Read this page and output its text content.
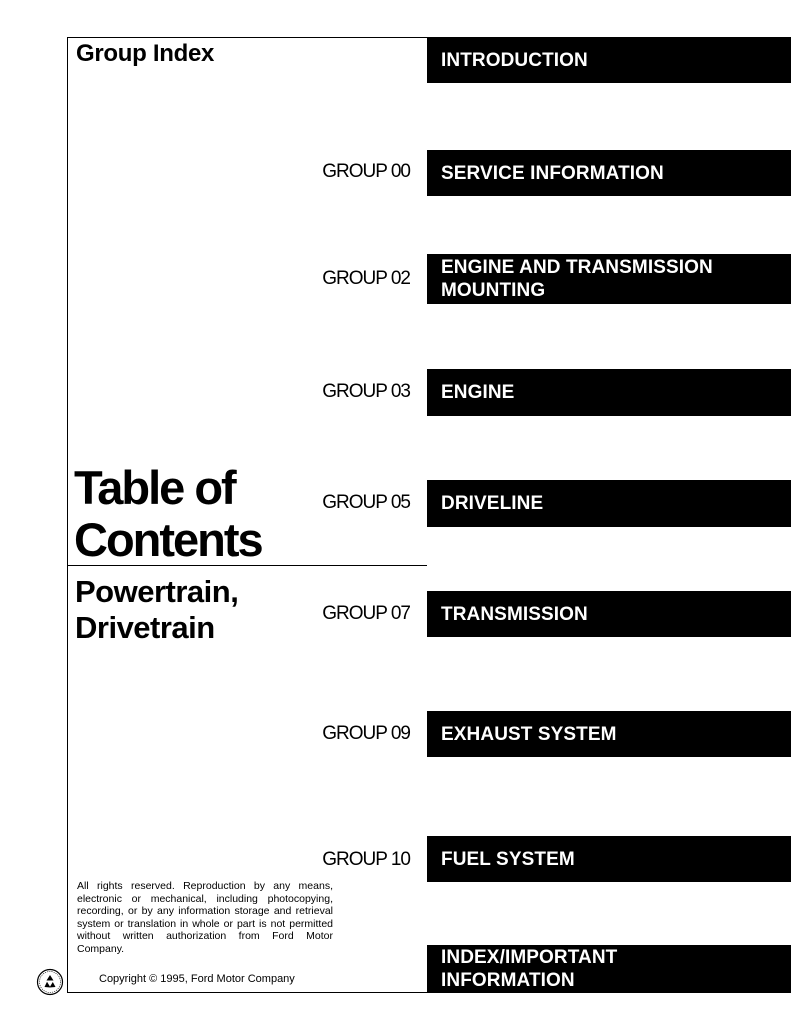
Group Index
Table of Contents
Powertrain, Drivetrain
INTRODUCTION
GROUP 00 SERVICE INFORMATION
GROUP 02
ENGINE AND TRANSMISSION
MOUNTING
GROUP 03 ENGINE
GROUP 05 DRIVELINE
GROUP 07 TRANSMISSION
GROUP 09 EXHAUST SYSTEM
GROUP 10 FUEL SYSTEM
INDEX/IMPORTANT
INFORMATION
All rights reserved. Reproduction by any means, electronic or mechanical, including photocopying, recording, or by any information storage and retrieval system or translation in whole or part is not permitted without written authorization from Ford Motor Company.
Copyright © 1995, Ford Motor Company
